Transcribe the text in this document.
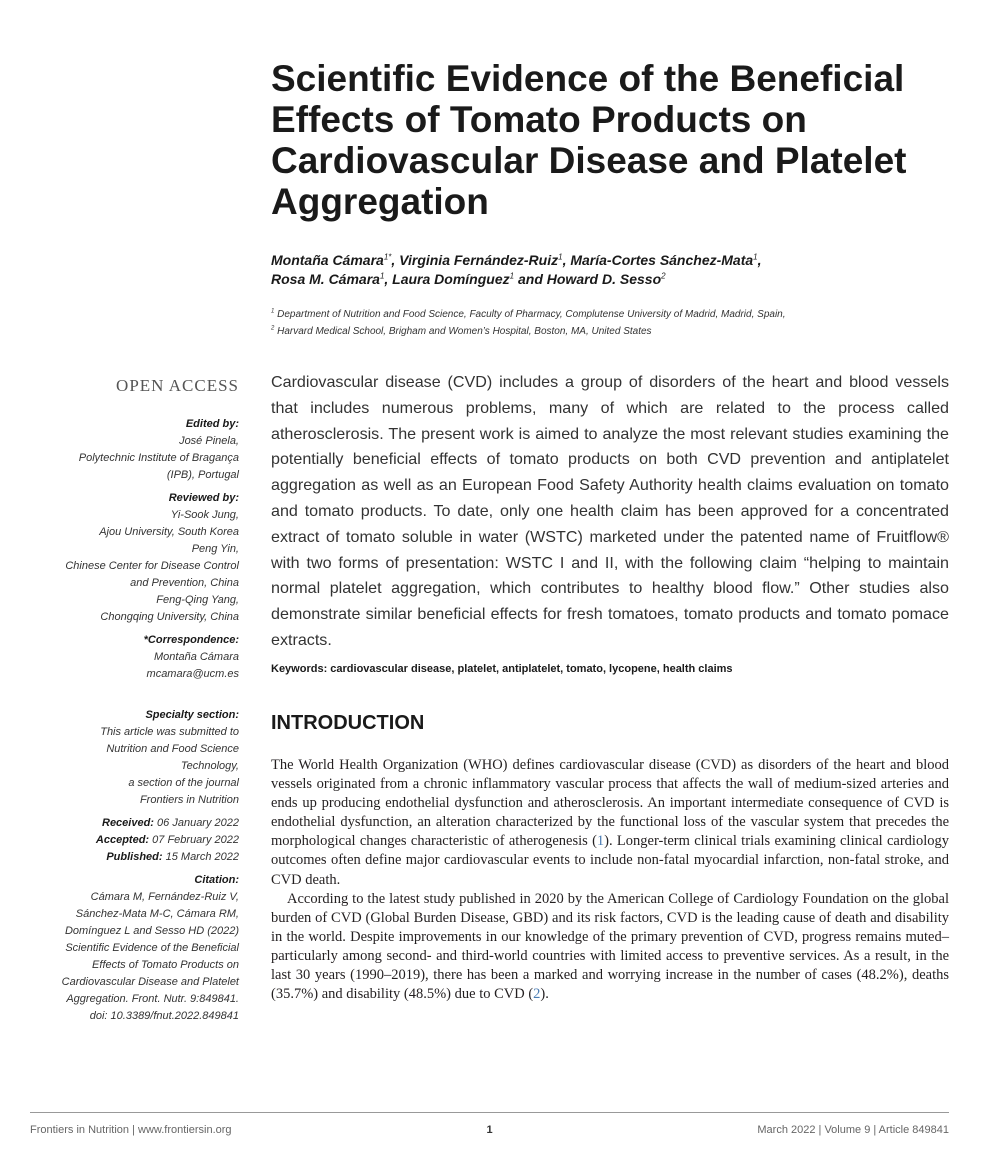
Scientific Evidence of the Beneficial
Effects of Tomato Products on
Cardiovascular Disease and Platelet
Aggregation
Montaña Cámara$^{1*}$, Virginia Fernández-Ruiz$^1$, María-Cortes Sánchez-Mata$^1$,
Rosa M. Cámara$^1$, Laura Domínguez$^1$ and Howard D. Sesso$^2$
$^1$ Department of Nutrition and Food Science, Faculty of Pharmacy, Complutense University of Madrid, Madrid, Spain,
$^2$ Harvard Medical School, Brigham and Women’s Hospital, Boston, MA, United States
OPEN ACCESS
Edited by:
José Pinela,
Polytechnic Institute of Bragança
(IPB), Portugal
Reviewed by:
Yi-Sook Jung,
Ajou University, South Korea
Peng Yin,
Chinese Center for Disease Control
and Prevention, China
Feng-Qing Yang,
Chongqing University, China
*Correspondence:
Montaña Cámara
mcamara@ucm.es
Specialty section:
This article was submitted to
Nutrition and Food Science
Technology,
a section of the journal
Frontiers in Nutrition
Received: 06 January 2022
Accepted: 07 February 2022
Published: 15 March 2022
Citation:
Cámara M, Fernández-Ruiz V,
Sánchez-Mata M-C, Cámara RM,
Domínguez L and Sesso HD (2022)
Scientific Evidence of the Beneficial
Effects of Tomato Products on
Cardiovascular Disease and Platelet
Aggregation. Front. Nutr. 9:849841.
doi: 10.3389/fnut.2022.849841

Cardiovascular disease (CVD) includes a group of disorders of the heart and blood vessels that includes numerous problems, many of which are related to the process called atherosclerosis. The present work is aimed to analyze the most relevant studies examining the potentially beneficial effects of tomato products on both CVD prevention and antiplatelet aggregation as well as an European Food Safety Authority health claims evaluation on tomato and tomato products. To date, only one health claim has been approved for a concentrated extract of tomato soluble in water (WSTC) marketed under the patented name of Fruitflow® with two forms of presentation: WSTC I and II, with the following claim “helping to maintain normal platelet aggregation, which contributes to healthy blood flow.” Other studies also demonstrate similar beneficial effects for fresh tomatoes, tomato products and tomato pomace extracts.

Keywords: cardiovascular disease, platelet, antiplatelet, tomato, lycopene, health claims
INTRODUCTION

The World Health Organization (WHO) defines cardiovascular disease (CVD) as disorders of the heart and blood vessels originated from a chronic inflammatory vascular process that affects the wall of medium-sized arteries and ends up producing endothelial dysfunction and atherosclerosis. An important intermediate consequence of CVD is endothelial dysfunction, an alteration characterized by the functional loss of the vascular system that precedes the morphological changes characteristic of atherogenesis (1). Longer-term clinical trials examining clinical cardiology outcomes often define major cardiovascular events to include non-fatal myocardial infarction, non-fatal stroke, and CVD death.

According to the latest study published in 2020 by the American College of Cardiology Foundation on the global burden of CVD (Global Burden Disease, GBD) and its risk factors, CVD is the leading cause of death and disability in the world. Despite improvements in our knowledge of the primary prevention of CVD, progress remains muted–particularly among second- and third-world countries with limited access to preventive services. As a result, in the last 30 years (1990–2019), there has been a marked and worrying increase in the number of cases (48.2%), deaths (35.7%) and disability (48.5%) due to CVD (2).

Frontiers in Nutrition | www.frontiersin.org	1	March 2022 | Volume 9 | Article 849841
